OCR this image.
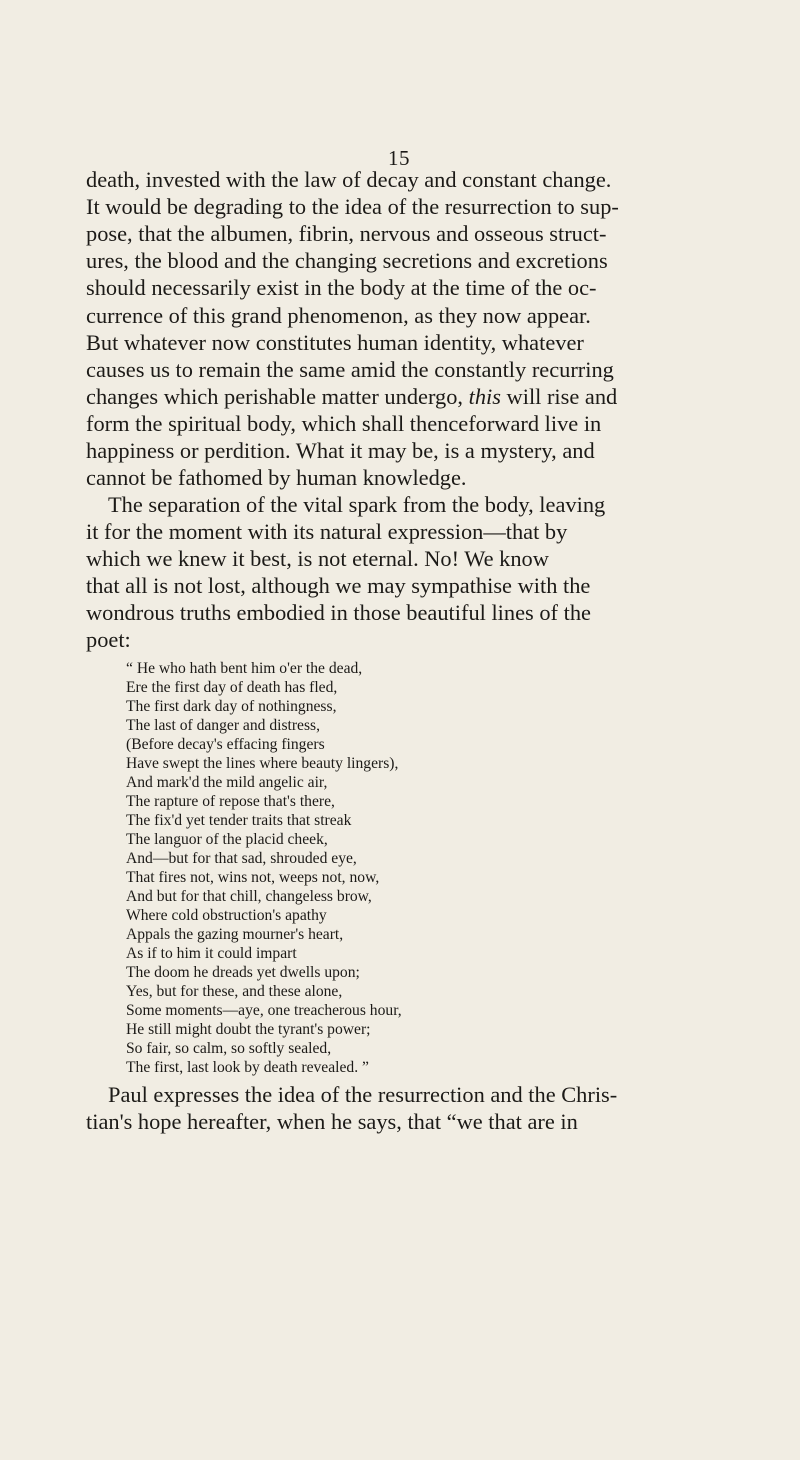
15
death, invested with the law of decay and constant change.
It would be degrading to the idea of the resurrection to sup-
pose, that the albumen, fibrin, nervous and osseous struct-
ures, the blood and the changing secretions and excretions
should necessarily exist in the body at the time of the oc-
currence of this grand phenomenon, as they now appear.
But whatever now constitutes human identity, whatever
causes us to remain the same amid the constantly recurring
changes which perishable matter undergo, this will rise and
form the spiritual body, which shall thenceforward live in
happiness or perdition. What it may be, is a mystery, and
cannot be fathomed by human knowledge.
The separation of the vital spark from the body, leaving
it for the moment with its natural expression—that by
which we knew it best, is not eternal. No! We know
that all is not lost, although we may sympathise with the
wondrous truths embodied in those beautiful lines of the
poet:
“ He who hath bent him o'er the dead,
Ere the first day of death has fled,
The first dark day of nothingness,
The last of danger and distress,
(Before decay's effacing fingers
Have swept the lines where beauty lingers),
And mark'd the mild angelic air,
The rapture of repose that's there,
The fix'd yet tender traits that streak
The languor of the placid cheek,
And—but for that sad, shrouded eye,
That fires not, wins not, weeps not, now,
And but for that chill, changeless brow,
Where cold obstruction's apathy
Appals the gazing mourner's heart,
As if to him it could impart
The doom he dreads yet dwells upon;
Yes, but for these, and these alone,
Some moments—aye, one treacherous hour,
He still might doubt the tyrant's power;
So fair, so calm, so softly sealed,
The first, last look by death revealed. ”
Paul expresses the idea of the resurrection and the Chris-
tian's hope hereafter, when he says, that “we that are in
